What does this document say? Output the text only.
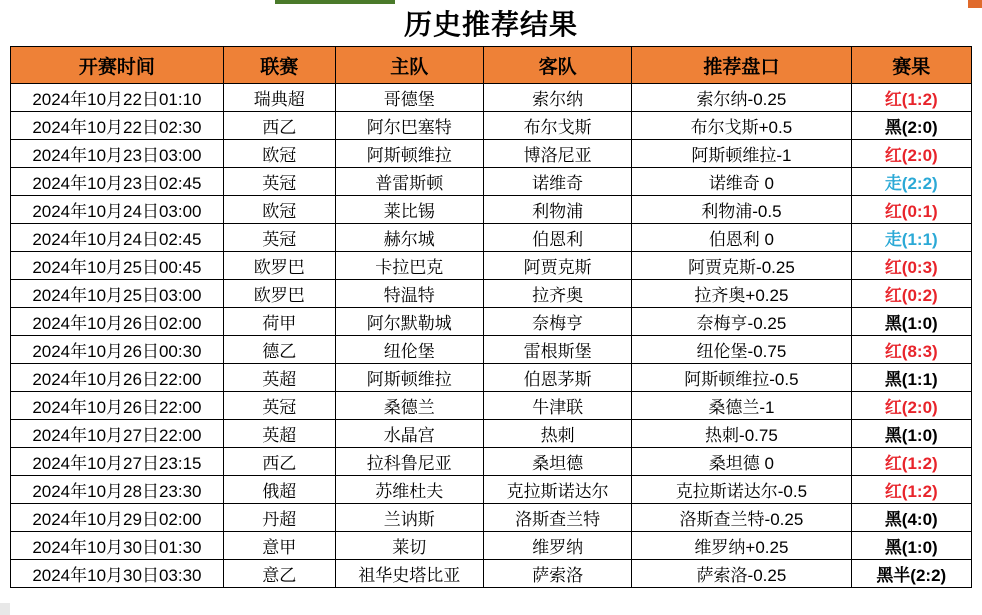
历史推荐结果
开赛时间	联赛	主队	客队	推荐盘口	赛果
2024年10月22日01:10	瑞典超	哥德堡	索尔纳	索尔纳-0.25	红(1:2)
2024年10月22日02:30	西乙	阿尔巴塞特	布尔戈斯	布尔戈斯+0.5	黑(2:0)
2024年10月23日03:00	欧冠	阿斯顿维拉	博洛尼亚	阿斯顿维拉-1	红(2:0)
2024年10月23日02:45	英冠	普雷斯顿	诺维奇	诺维奇 0	走(2:2)
2024年10月24日03:00	欧冠	莱比锡	利物浦	利物浦-0.5	红(0:1)
2024年10月24日02:45	英冠	赫尔城	伯恩利	伯恩利 0	走(1:1)
2024年10月25日00:45	欧罗巴	卡拉巴克	阿贾克斯	阿贾克斯-0.25	红(0:3)
2024年10月25日03:00	欧罗巴	特温特	拉齐奥	拉齐奥+0.25	红(0:2)
2024年10月26日02:00	荷甲	阿尔默勒城	奈梅亨	奈梅亨-0.25	黑(1:0)
2024年10月26日00:30	德乙	纽伦堡	雷根斯堡	纽伦堡-0.75	红(8:3)
2024年10月26日22:00	英超	阿斯顿维拉	伯恩茅斯	阿斯顿维拉-0.5	黑(1:1)
2024年10月26日22:00	英冠	桑德兰	牛津联	桑德兰-1	红(2:0)
2024年10月27日22:00	英超	水晶宫	热刺	热刺-0.75	黑(1:0)
2024年10月27日23:15	西乙	拉科鲁尼亚	桑坦德	桑坦德 0	红(1:2)
2024年10月28日23:30	俄超	苏维杜夫	克拉斯诺达尔	克拉斯诺达尔-0.5	红(1:2)
2024年10月29日02:00	丹超	兰讷斯	洛斯查兰特	洛斯查兰特-0.25	黑(4:0)
2024年10月30日01:30	意甲	莱切	维罗纳	维罗纳+0.25	黑(1:0)
2024年10月30日03:30	意乙	祖华史塔比亚	萨索洛	萨索洛-0.25	黑半(2:2)
